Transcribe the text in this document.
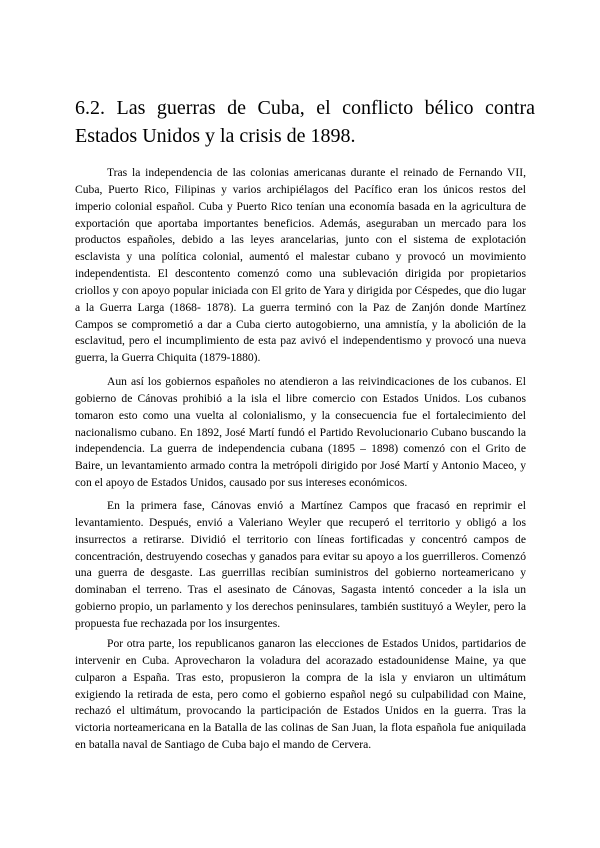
6.2. Las guerras de Cuba, el conflicto bélico contra
Estados Unidos y la crisis de 1898.

Tras la independencia de las colonias americanas durante el reinado de Fernando VII, Cuba, Puerto Rico, Filipinas y varios archipiélagos del Pacífico eran los únicos restos del imperio colonial español. Cuba y Puerto Rico tenían una economía basada en la agricultura de exportación que aportaba importantes beneficios. Además, aseguraban un mercado para los productos españoles, debido a las leyes arancelarias, junto con el sistema de explotación esclavista y una política colonial, aumentó el malestar cubano y provocó un movimiento independentista. El descontento comenzó como una sublevación dirigida por propietarios criollos y con apoyo popular iniciada con El grito de Yara y dirigida por Céspedes, que dio lugar a la Guerra Larga (1868- 1878). La guerra terminó con la Paz de Zanjón donde Martínez Campos se comprometió a dar a Cuba cierto autogobierno, una amnistía, y la abolición de la esclavitud, pero el incumplimiento de esta paz avivó el independentismo y provocó una nueva guerra, la Guerra Chiquita (1879-1880).

Aun así los gobiernos españoles no atendieron a las reivindicaciones de los cubanos. El gobierno de Cánovas prohibió a la isla el libre comercio con Estados Unidos. Los cubanos tomaron esto como una vuelta al colonialismo, y la consecuencia fue el fortalecimiento del nacionalismo cubano. En 1892, José Martí fundó el Partido Revolucionario Cubano buscando la independencia. La guerra de independencia cubana (1895 – 1898) comenzó con el Grito de Baire, un levantamiento armado contra la metrópoli dirigido por José Martí y Antonio Maceo, y con el apoyo de Estados Unidos, causado por sus intereses económicos.

En la primera fase, Cánovas envió a Martínez Campos que fracasó en reprimir el levantamiento. Después, envió a Valeriano Weyler que recuperó el territorio y obligó a los insurrectos a retirarse. Dividió el territorio con líneas fortificadas y concentró campos de concentración, destruyendo cosechas y ganados para evitar su apoyo a los guerrilleros. Comenzó una guerra de desgaste. Las guerrillas recibían suministros del gobierno norteamericano y dominaban el terreno. Tras el asesinato de Cánovas, Sagasta intentó conceder a la isla un gobierno propio, un parlamento y los derechos peninsulares, también sustituyó a Weyler, pero la propuesta fue rechazada por los insurgentes.

Por otra parte, los republicanos ganaron las elecciones de Estados Unidos, partidarios de intervenir en Cuba. Aprovecharon la voladura del acorazado estadounidense Maine, ya que culparon a España. Tras esto, propusieron la compra de la isla y enviaron un ultimátum exigiendo la retirada de esta, pero como el gobierno español negó su culpabilidad con Maine, rechazó el ultimátum, provocando la participación de Estados Unidos en la guerra. Tras la victoria norteamericana en la Batalla de las colinas de San Juan, la flota española fue aniquilada en batalla naval de Santiago de Cuba bajo el mando de Cervera.
